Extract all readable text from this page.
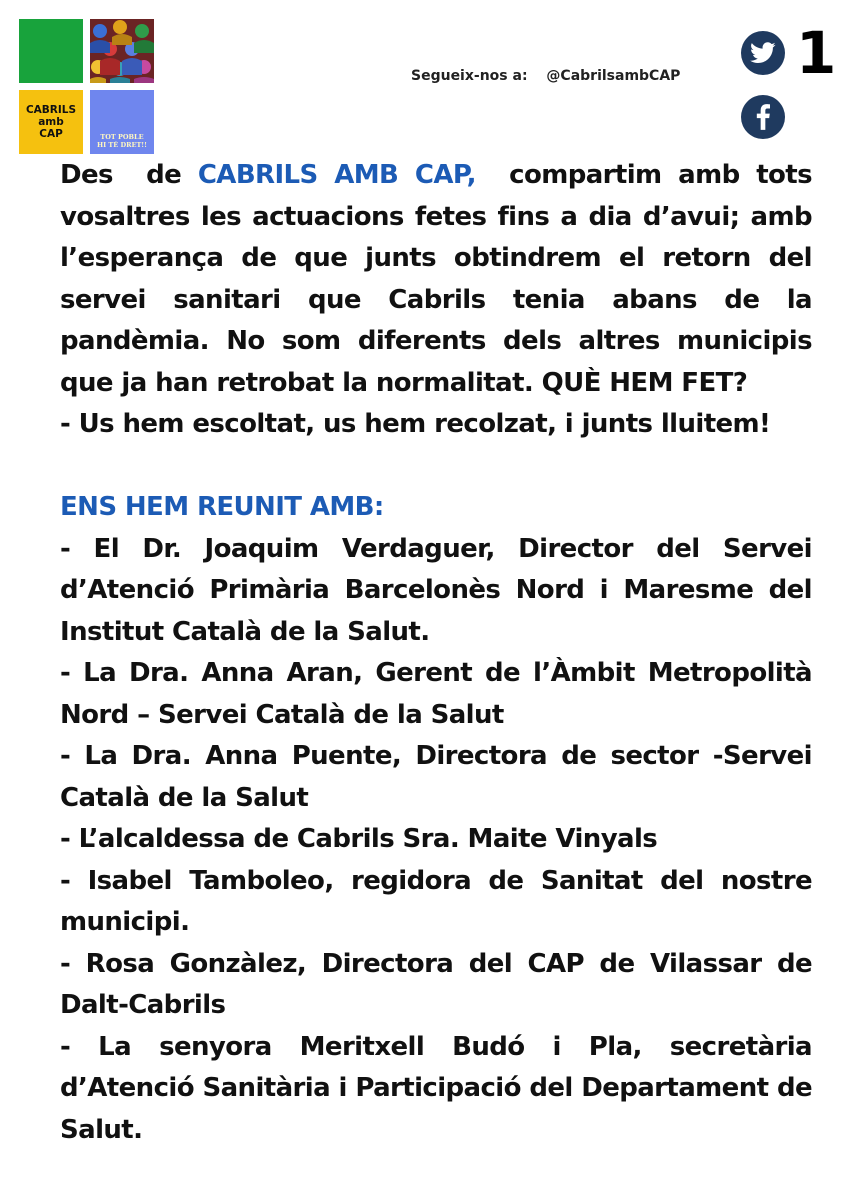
CABRILS
amb
CAP	TOT POBLE
HI TÉ DRET!!
Segueix-nos a: @CabrilsambCAP 1

Des  de CABRILS AMB CAP,  compartim amb tots vosaltres les actuacions fetes fins a dia d’avui; amb l’esperança de que junts obtindrem el retorn del servei sanitari que Cabrils tenia abans de la pandèmia. No som diferents dels altres municipis que ja han retrobat la normalitat. QUÈ HEM FET?

- Us hem escoltat, us hem recolzat, i junts lluitem!

ENS HEM REUNIT AMB:

- El Dr. Joaquim Verdaguer, Director del Servei d’Atenció Primària Barcelonès Nord i Maresme del Institut Català de la Salut.

- La Dra. Anna Aran, Gerent de l’Àmbit Metropolità Nord – Servei Català de la Salut

- La Dra. Anna Puente, Directora de sector -Servei Català de la Salut

- L’alcaldessa de Cabrils Sra. Maite Vinyals

- Isabel Tamboleo, regidora de Sanitat del nostre municipi.

- Rosa Gonzàlez, Directora del CAP de Vilassar de Dalt-Cabrils

- La senyora Meritxell Budó i Pla, secretària d’Atenció Sanitària i Participació del Departament de Salut.
